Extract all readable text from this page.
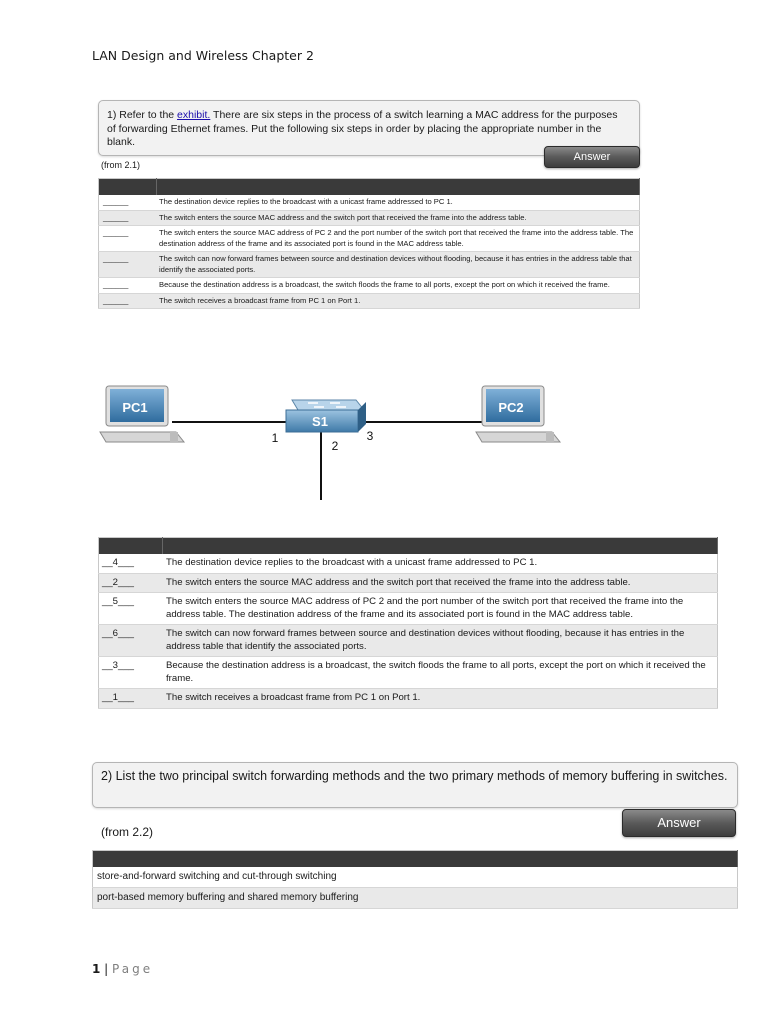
LAN Design and Wireless Chapter 2
1) Refer to the exhibit. There are six steps in the process of a switch learning a MAC address for the purposes of forwarding Ethernet frames. Put the following six steps in order by placing the appropriate number in the blank.
(from 2.1)
Answer

______	The destination device replies to the broadcast with a unicast frame addressed to PC 1.
______	The switch enters the source MAC address and the switch port that received the frame into the address table.
______	The switch enters the source MAC address of PC 2 and the port number of the switch port that received the frame into the address table. The destination address of the frame and its associated port is found in the MAC address table.
______	The switch can now forward frames between source and destination devices without flooding, because it has entries in the address table that identify the associated ports.
______	Because the destination address is a broadcast, the switch floods the frame to all ports, except the port on which it received the frame.
______	The switch receives a broadcast frame from PC 1 on Port 1.
PC1
S1
1
2
3
PC2

__4___	The destination device replies to the broadcast with a unicast frame addressed to PC 1.
__2___	The switch enters the source MAC address and the switch port that received the frame into the address table.
__5___	The switch enters the source MAC address of PC 2 and the port number of the switch port that received the frame into the address table. The destination address of the frame and its associated port is found in the MAC address table.
__6___	The switch can now forward frames between source and destination devices without flooding, because it has entries in the address table that identify the associated ports.
__3___	Because the destination address is a broadcast, the switch floods the frame to all ports, except the port on which it received the frame.
__1___	The switch receives a broadcast frame from PC 1 on Port 1.
2) List the two principal switch forwarding methods and the two primary methods of memory buffering in switches.
(from 2.2)
Answer

store-and-forward switching and cut-through switching
port-based memory buffering and shared memory buffering
1 | Page
